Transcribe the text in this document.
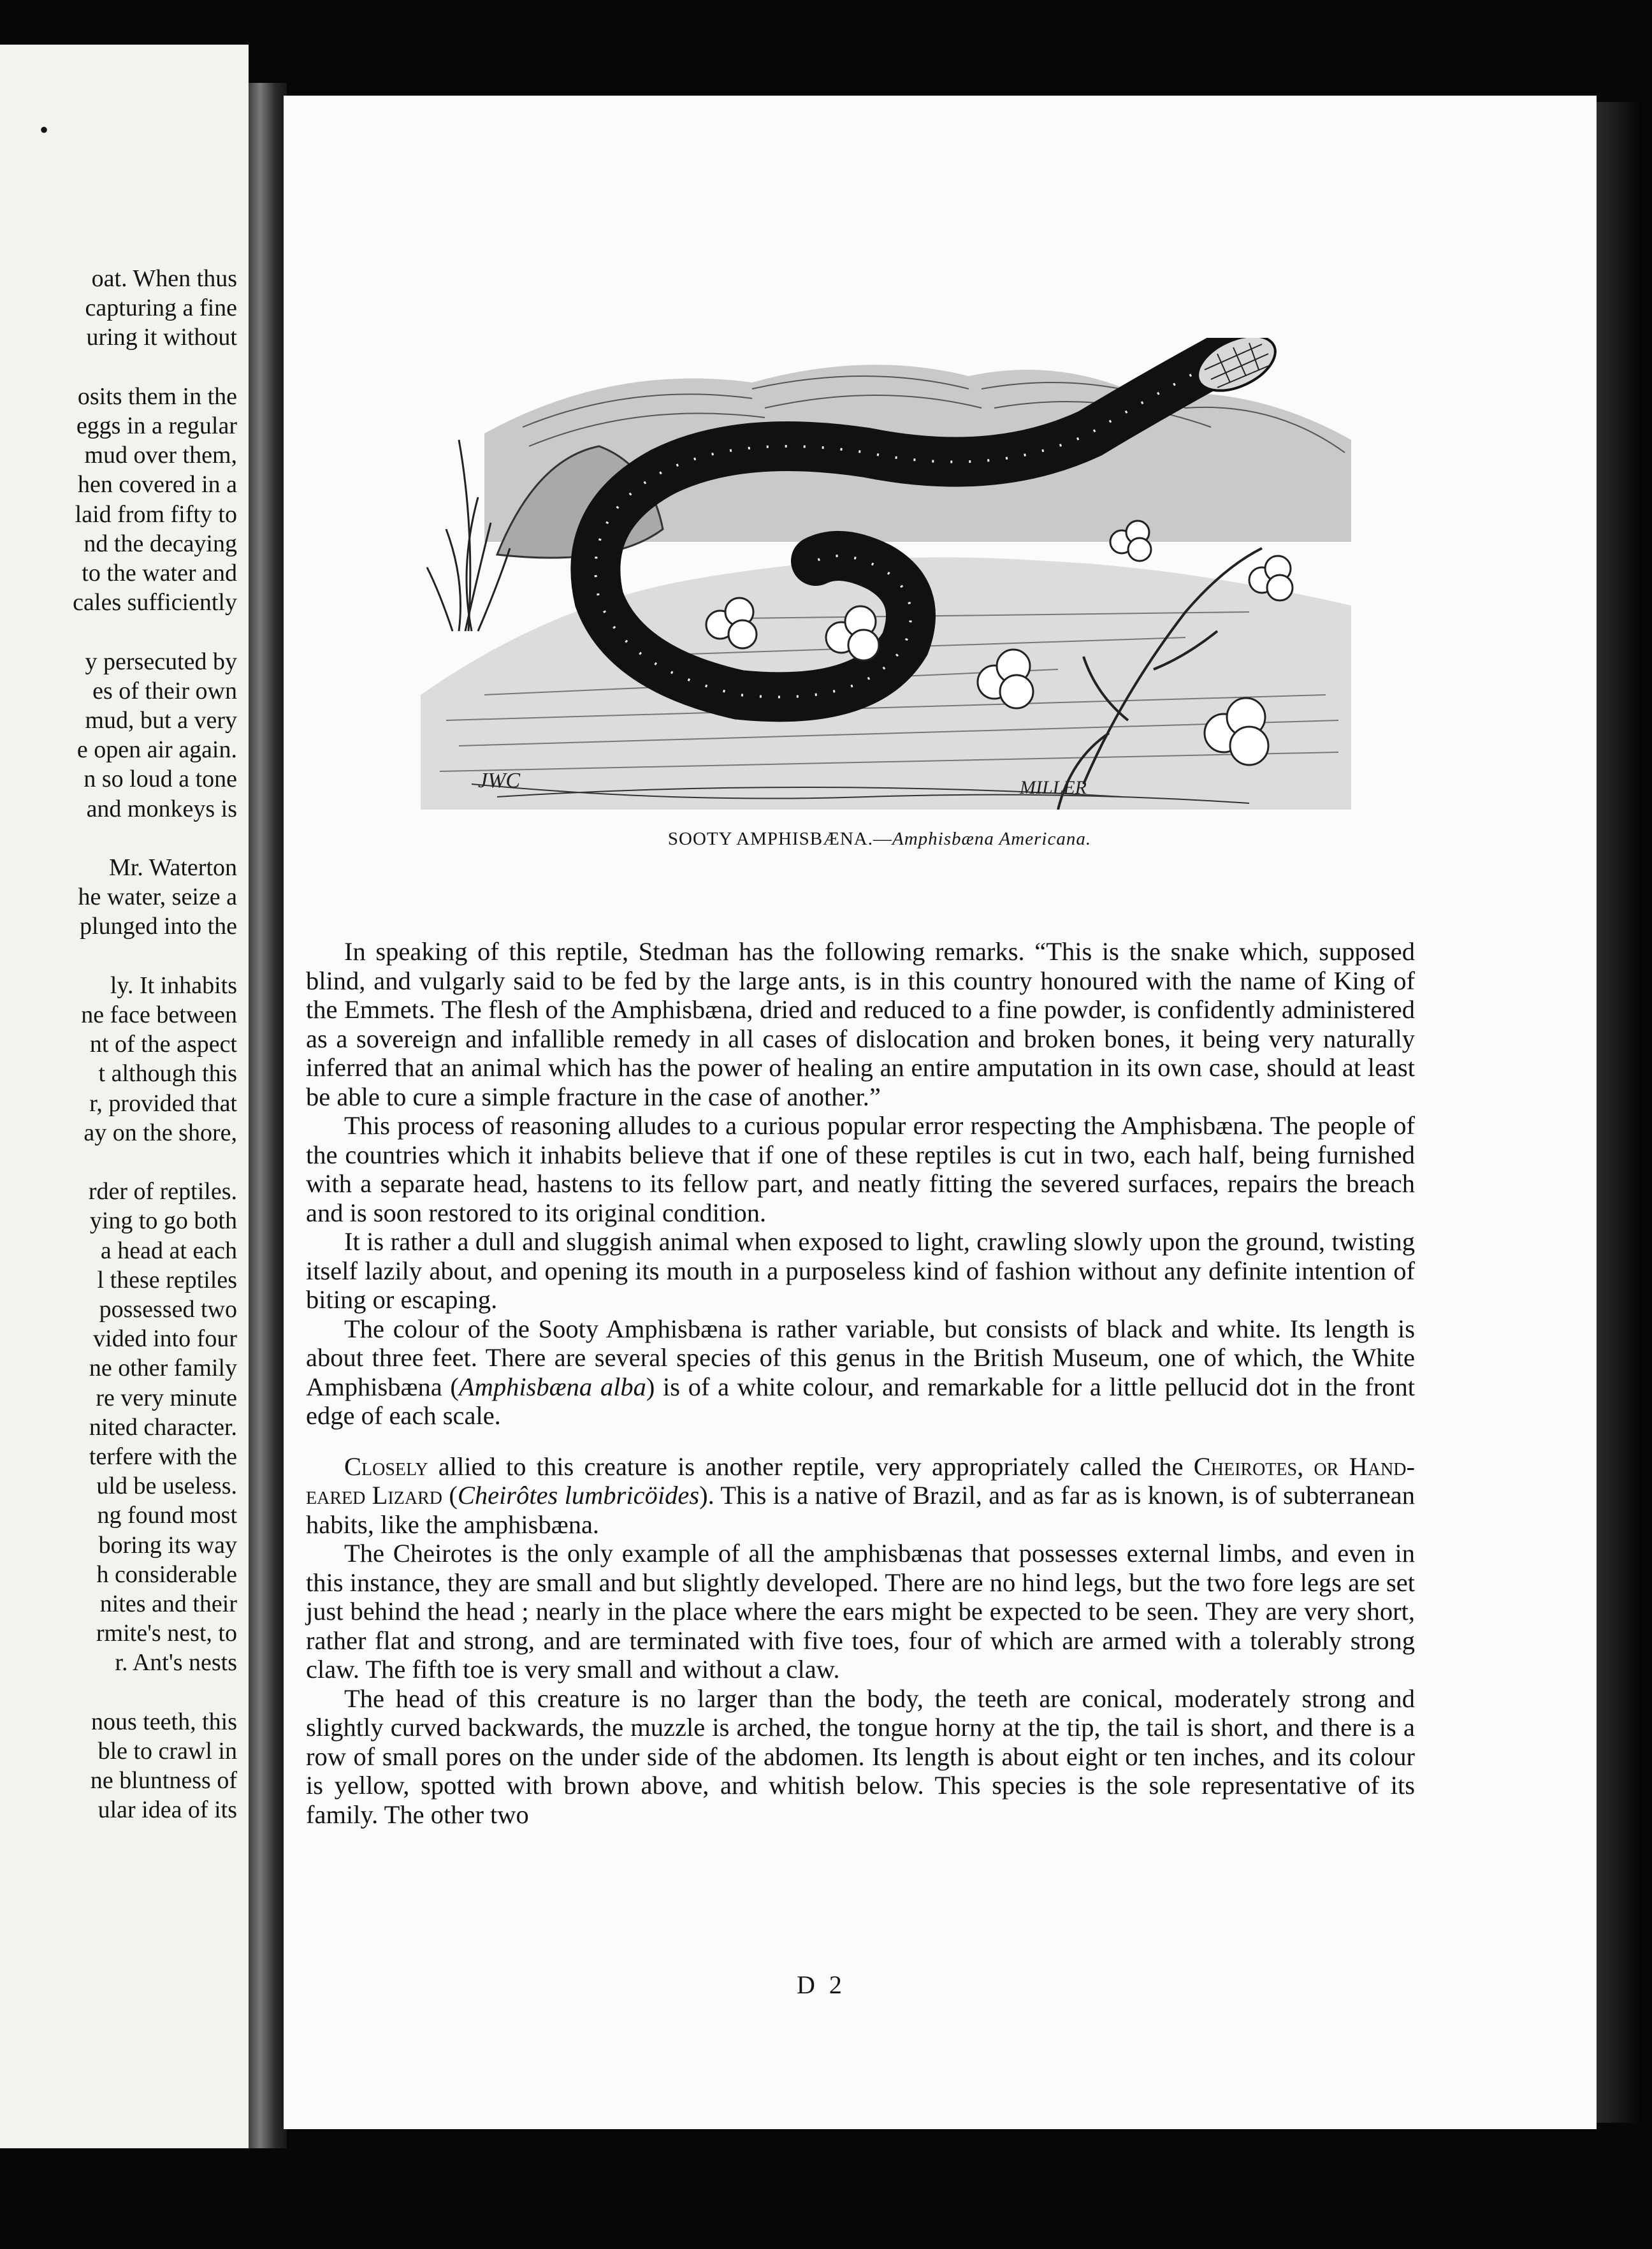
•
oat. When thus
capturing a fine
uring it without
osits them in the
eggs in a regular
mud over them,
hen covered in a
laid from fifty to
nd the decaying
to the water and
cales sufficiently
y persecuted by
es of their own
mud, but a very
e open air again.
n so loud a tone
and monkeys is
Mr. Waterton
he water, seize a
plunged into the
ly. It inhabits
ne face between
nt of the aspect
t although this
r, provided that
ay on the shore,
rder of reptiles.
ying to go both
a head at each
l these reptiles
possessed two
vided into four
ne other family
re very minute
nited character.
terfere with the
uld be useless.
ng found most
boring its way
h considerable
nites and their
rmite's nest, to
r. Ant's nests
nous teeth, this
ble to crawl in
ne bluntness of
ular idea of its
JWC	MILLER
SOOTY AMPHISBÆNA.—Amphisbæna Americana.

In speaking of this reptile, Stedman has the following remarks. “This is the snake which, supposed blind, and vulgarly said to be fed by the large ants, is in this country honoured with the name of King of the Emmets. The flesh of the Amphisbæna, dried and reduced to a fine powder, is confidently administered as a sovereign and infallible remedy in all cases of dislocation and broken bones, it being very naturally inferred that an animal which has the power of healing an entire amputation in its own case, should at least be able to cure a simple fracture in the case of another.”

This process of reasoning alludes to a curious popular error respecting the Amphisbæna. The people of the countries which it inhabits believe that if one of these reptiles is cut in two, each half, being furnished with a separate head, hastens to its fellow part, and neatly fitting the severed surfaces, repairs the breach and is soon restored to its original condition.

It is rather a dull and sluggish animal when exposed to light, crawling slowly upon the ground, twisting itself lazily about, and opening its mouth in a purposeless kind of fashion without any definite intention of biting or escaping.

The colour of the Sooty Amphisbæna is rather variable, but consists of black and white. Its length is about three feet. There are several species of this genus in the British Museum, one of which, the White Amphisbæna (Amphisbæna alba) is of a white colour, and remarkable for a little pellucid dot in the front edge of each scale.

Closely allied to this creature is another reptile, very appropriately called the Cheirotes, or Hand-eared Lizard (Cheirôtes lumbricöides). This is a native of Brazil, and as far as is known, is of subterranean habits, like the amphisbæna.

The Cheirotes is the only example of all the amphisbænas that possesses external limbs, and even in this instance, they are small and but slightly developed. There are no hind legs, but the two fore legs are set just behind the head ; nearly in the place where the ears might be expected to be seen. They are very short, rather flat and strong, and are terminated with five toes, four of which are armed with a tolerably strong claw. The fifth toe is very small and without a claw.

The head of this creature is no larger than the body, the teeth are conical, moderately strong and slightly curved backwards, the muzzle is arched, the tongue horny at the tip, the tail is short, and there is a row of small pores on the under side of the abdomen. Its length is about eight or ten inches, and its colour is yellow, spotted with brown above, and whitish below. This species is the sole representative of its family. The other two

D 2
